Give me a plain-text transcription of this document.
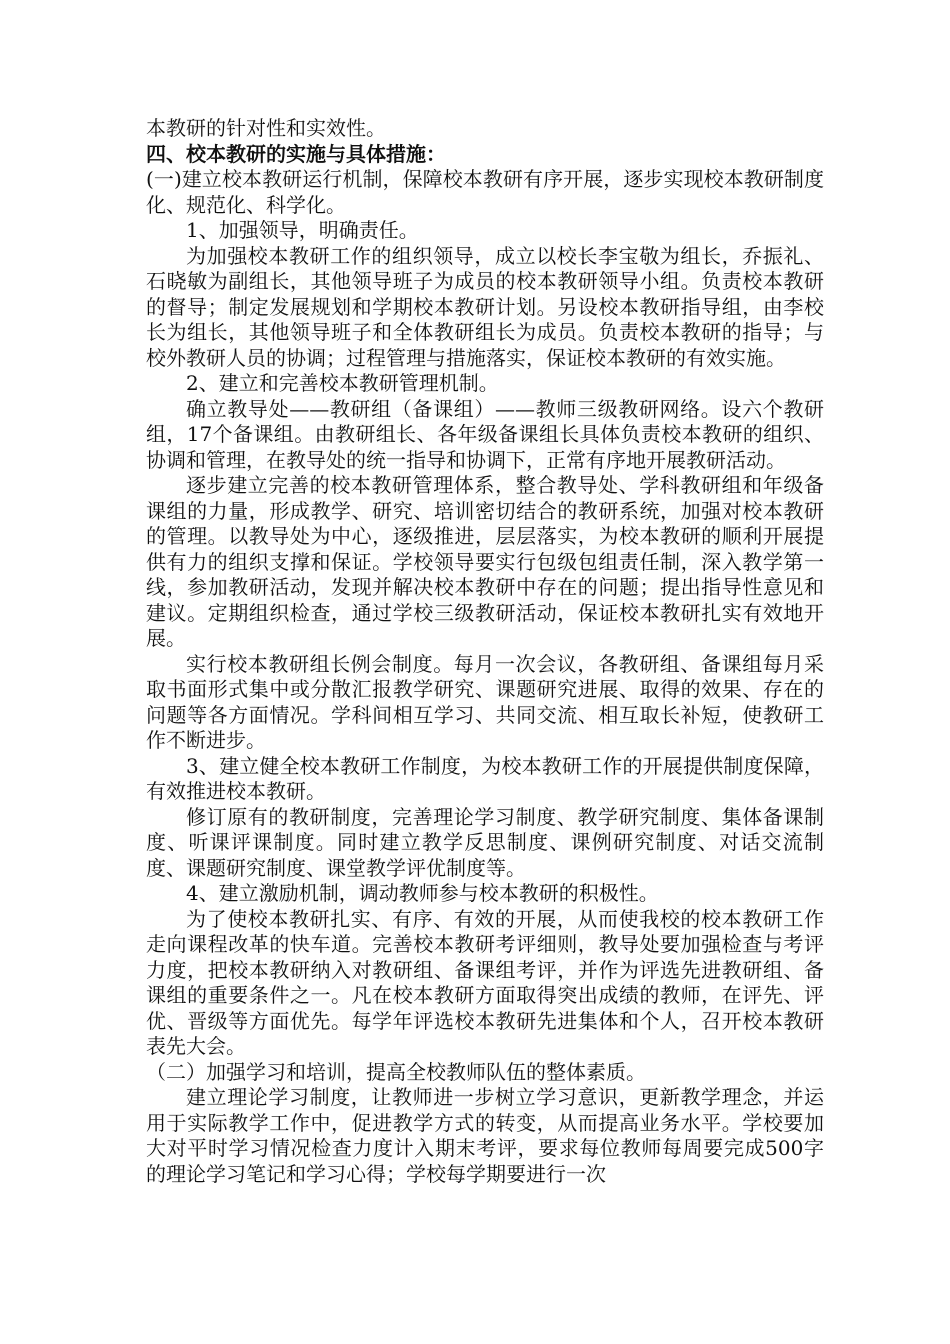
本教研的针对性和实效性。

四、校本教研的实施与具体措施：

(一)建立校本教研运行机制，保障校本教研有序开展，逐步实现校本教研制度化、规范化、科学化。

1、加强领导，明确责任。

为加强校本教研工作的组织领导，成立以校长李宝敬为组长，乔振礼、石晓敏为副组长，其他领导班子为成员的校本教研领导小组。负责校本教研的督导；制定发展规划和学期校本教研计划。另设校本教研指导组，由李校长为组长，其他领导班子和全体教研组长为成员。负责校本教研的指导；与校外教研人员的协调；过程管理与措施落实，保证校本教研的有效实施。

2、建立和完善校本教研管理机制。

确立教导处——教研组（备课组）——教师三级教研网络。设六个教研组，17个备课组。由教研组长、各年级备课组长具体负责校本教研的组织、协调和管理，在教导处的统一指导和协调下，正常有序地开展教研活动。

逐步建立完善的校本教研管理体系，整合教导处、学科教研组和年级备课组的力量，形成教学、研究、培训密切结合的教研系统，加强对校本教研的管理。以教导处为中心，逐级推进，层层落实，为校本教研的顺利开展提供有力的组织支撑和保证。学校领导要实行包级包组责任制，深入教学第一线，参加教研活动，发现并解决校本教研中存在的问题；提出指导性意见和建议。定期组织检查，通过学校三级教研活动，保证校本教研扎实有效地开展。

实行校本教研组长例会制度。每月一次会议，各教研组、备课组每月采取书面形式集中或分散汇报教学研究、课题研究进展、取得的效果、存在的问题等各方面情况。学科间相互学习、共同交流、相互取长补短，使教研工作不断进步。

3、建立健全校本教研工作制度，为校本教研工作的开展提供制度保障，有效推进校本教研。

修订原有的教研制度，完善理论学习制度、教学研究制度、集体备课制度、听课评课制度。同时建立教学反思制度、课例研究制度、对话交流制度、课题研究制度、课堂教学评优制度等。

4、建立激励机制，调动教师参与校本教研的积极性。

为了使校本教研扎实、有序、有效的开展，从而使我校的校本教研工作走向课程改革的快车道。完善校本教研考评细则，教导处要加强检查与考评力度，把校本教研纳入对教研组、备课组考评，并作为评选先进教研组、备课组的重要条件之一。凡在校本教研方面取得突出成绩的教师，在评先、评优、晋级等方面优先。每学年评选校本教研先进集体和个人，召开校本教研表先大会。

（二）加强学习和培训，提高全校教师队伍的整体素质。

建立理论学习制度，让教师进一步树立学习意识，更新教学理念，并运用于实际教学工作中，促进教学方式的转变，从而提高业务水平。学校要加大对平时学习情况检查力度计入期末考评，要求每位教师每周要完成500字的理论学习笔记和学习心得；学校每学期要进行一次
